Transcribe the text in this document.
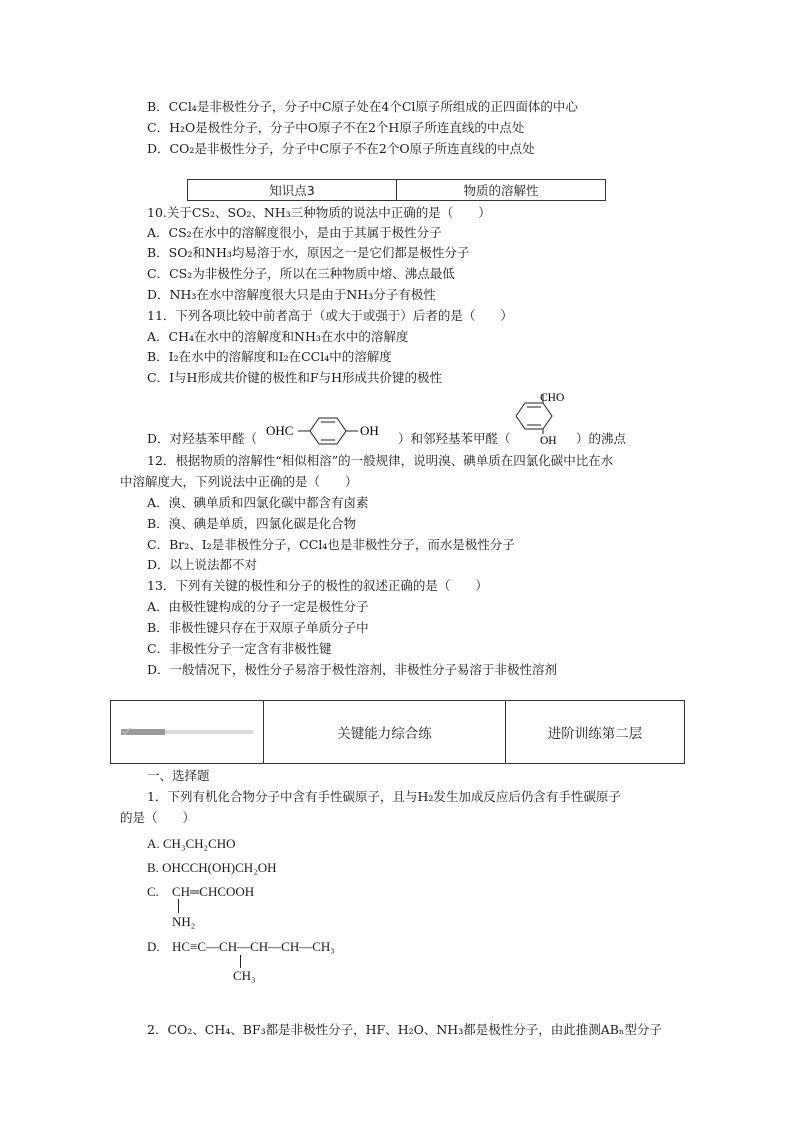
B．CCl₄是非极性分子，分子中C原子处在4个Cl原子所组成的正四面体的中心
C．H₂O是极性分子，分子中O原子不在2个H原子所连直线的中点处
D．CO₂是非极性分子，分子中C原子不在2个O原子所连直线的中点处
知识点3	物质的溶解性
10.关于CS₂、SO₂、NH₃三种物质的说法中正确的是（　　）
A．CS₂在水中的溶解度很小，是由于其属于极性分子
B．SO₂和NH₃均易溶于水，原因之一是它们都是极性分子
C．CS₂为非极性分子，所以在三种物质中熔、沸点最低
D．NH₃在水中溶解度很大只是由于NH₃分子有极性
11．下列各项比较中前者高于（或大于或强于）后者的是（　　）
A．CH₄在水中的溶解度和NH₃在水中的溶解度
B．I₂在水中的溶解度和I₂在CCl₄中的溶解度
C．I与H形成共价键的极性和F与H形成共价键的极性
D．对羟基苯甲醛（
OHC	OH
）和邻羟基苯甲醛（
CHO
OH ）的沸点
12．根据物质的溶解性“相似相溶”的一般规律，说明溴、碘单质在四氯化碳中比在水
中溶解度大，下列说法中正确的是（　　）
A．溴、碘单质和四氯化碳中都含有卤素
B．溴、碘是单质，四氯化碳是化合物
C．Br₂、I₂是非极性分子，CCl₄也是非极性分子，而水是极性分子
D．以上说法都不对
13．下列有关键的极性和分子的极性的叙述正确的是（　　）
A．由极性键构成的分子一定是极性分子
B．非极性键只存在于双原子单质分子中
C．非极性分子一定含有非极性键
D．一般情况下，极性分子易溶于极性溶剂，非极性分子易溶于非极性溶剂
关键能力综合练	进阶训练第二层
一、选择题
1．下列有机化合物分子中含有手性碳原子，且与H₂发生加成反应后仍含有手性碳原子
的是（　　）
A. CH₃CH₂CHO
B. OHCCH(OH)CH₂OH
C. CH═CHCOOH
NH₂
D. HC≡C—CH—CH—CH—CH₃
CH₃
2．CO₂、CH₄、BF₃都是非极性分子，HF、H₂O、NH₃都是极性分子，由此推测ABₙ型分子
